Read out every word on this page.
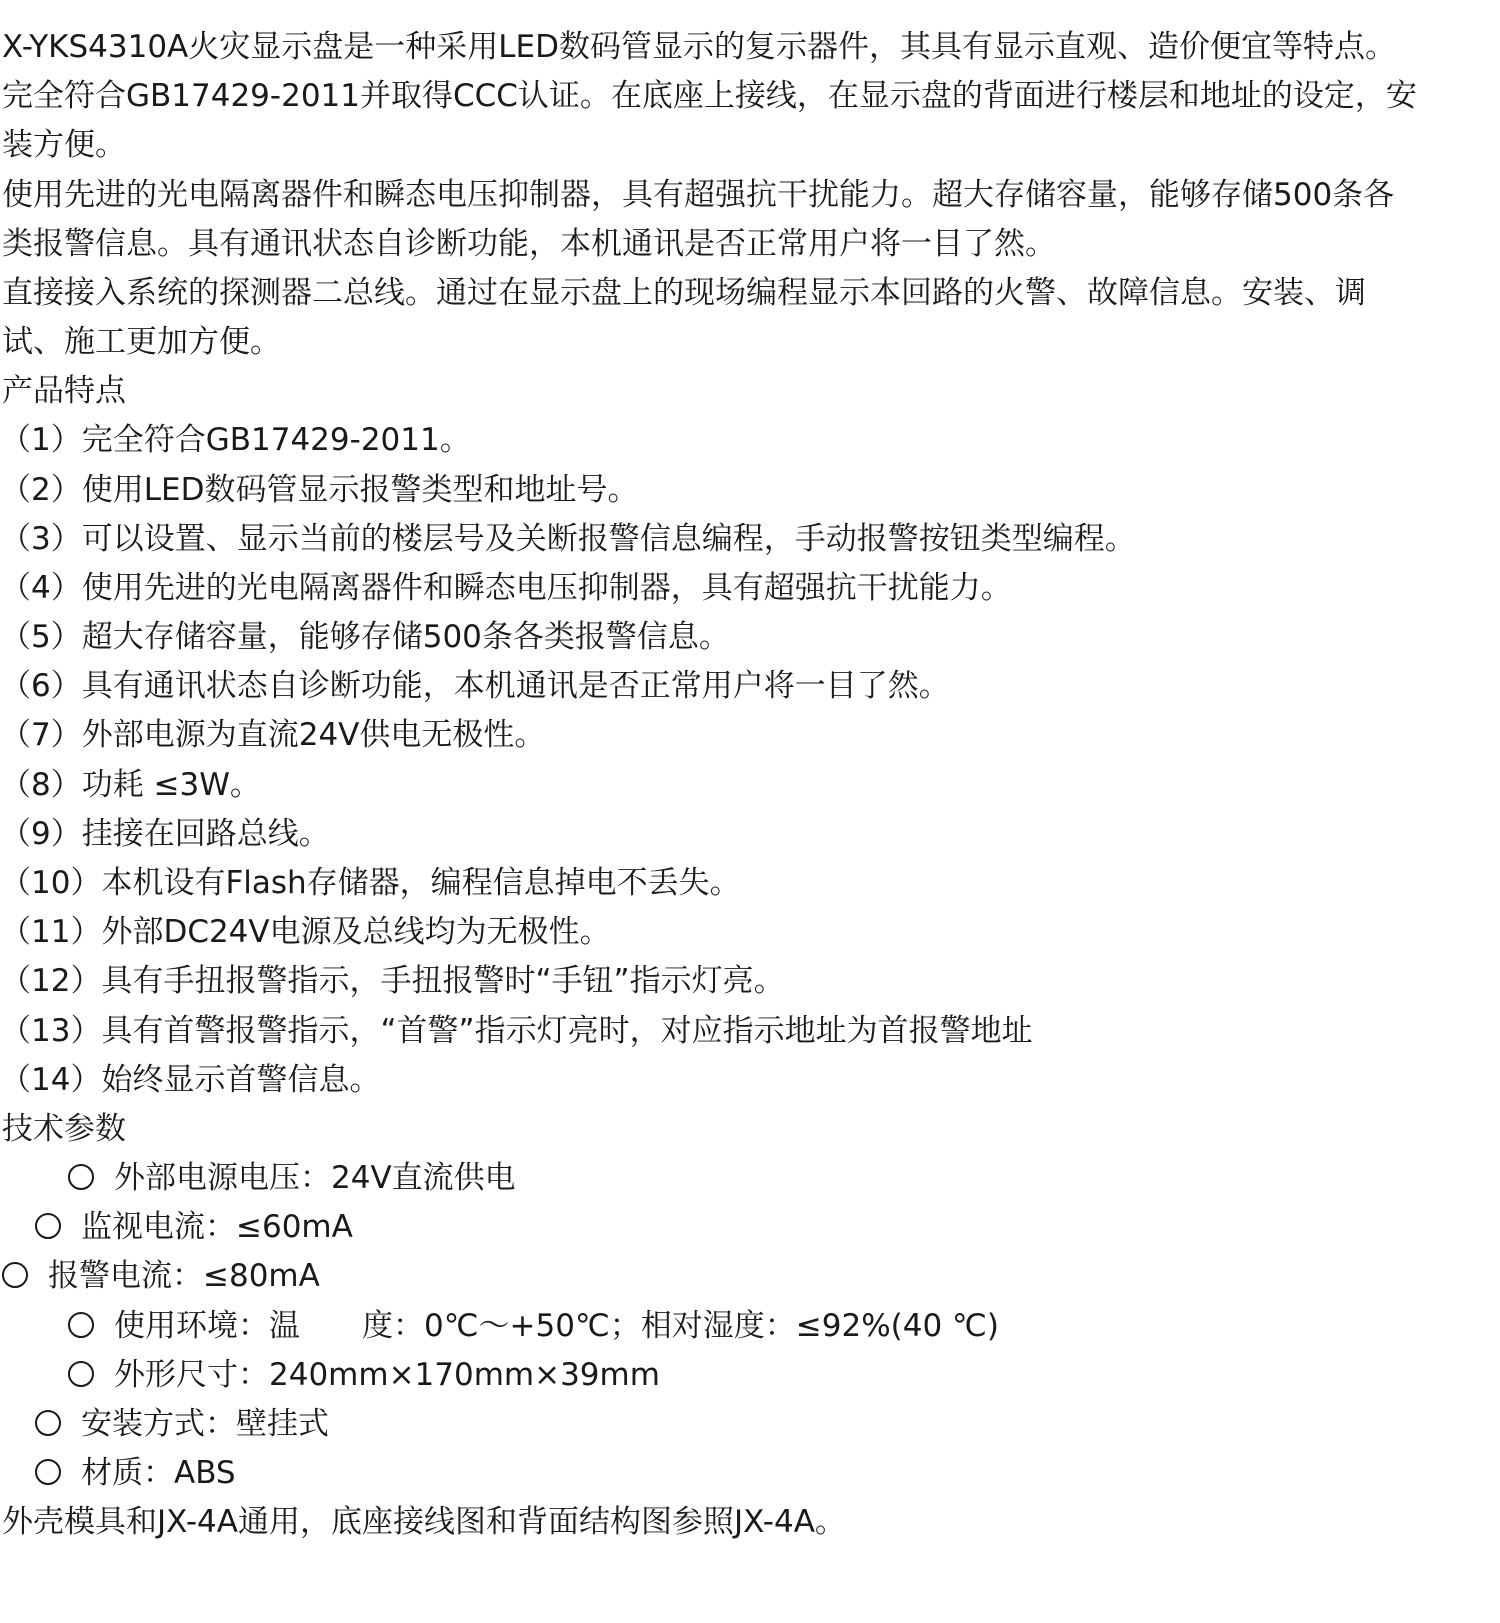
X-YKS4310A火灾显示盘是一种采用LED数码管显示的复示器件，其具有显示直观、造价便宜等特点。
完全符合GB17429-2011并取得CCC认证。在底座上接线，在显示盘的背面进行楼层和地址的设定，安
装方便。
使用先进的光电隔离器件和瞬态电压抑制器，具有超强抗干扰能力。超大存储容量，能够存储500条各
类报警信息。具有通讯状态自诊断功能，本机通讯是否正常用户将一目了然。
直接接入系统的探测器二总线。通过在显示盘上的现场编程显示本回路的火警、故障信息。安装、调
试、施工更加方便。
产品特点
（1）完全符合GB17429-2011。
（2）使用LED数码管显示报警类型和地址号。
（3）可以设置、显示当前的楼层号及关断报警信息编程，手动报警按钮类型编程。
（4）使用先进的光电隔离器件和瞬态电压抑制器，具有超强抗干扰能力。
（5）超大存储容量，能够存储500条各类报警信息。
（6）具有通讯状态自诊断功能，本机通讯是否正常用户将一目了然。
（7）外部电源为直流24V供电无极性。
（8）功耗 ≤3W。
（9）挂接在回路总线。
（10）本机设有Flash存储器，编程信息掉电不丢失。
（11）外部DC24V电源及总线均为无极性。
（12）具有手扭报警指示，手扭报警时“手钮”指示灯亮。
（13）具有首警报警指示，“首警”指示灯亮时，对应指示地址为首报警地址
（14）始终显示首警信息。
技术参数
外部电源电压：24V直流供电
监视电流：≤60mA
报警电流：≤80mA
使用环境：温　　度：0℃～+50℃；相对湿度：≤92%(40 ℃)
外形尺寸：240mm×170mm×39mm
安装方式：壁挂式
材质：ABS
外壳模具和JX-4A通用，底座接线图和背面结构图参照JX-4A。
